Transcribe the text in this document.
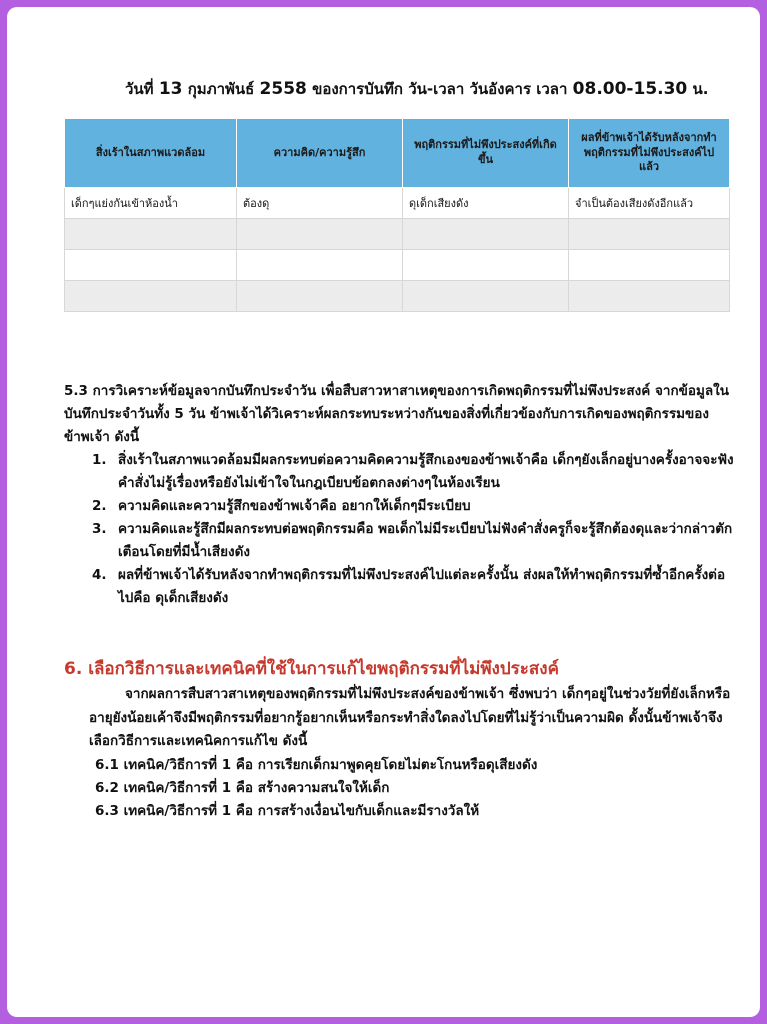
วันที่ 13 กุมภาพันธ์ 2558 ของการบันทึก วัน-เวลา วันอังคาร เวลา 08.00-15.30 น.
สิ่งเร้าในสภาพแวดล้อม	ความคิด/ความรู้สึก	พฤติกรรมที่ไม่พึงประสงค์ที่เกิดขึ้น	ผลที่ข้าพเจ้าได้รับหลังจากทำพฤติกรรมที่ไม่พึงประสงค์ไปแล้ว
เด็กๆแย่งกันเข้าห้องน้ำ	ต้องดุ	ดุเด็กเสียงดัง	จำเป็นต้องเสียงดังอีกแล้ว

5.3 การวิเคราะห์ข้อมูลจากบันทึกประจำวัน เพื่อสืบสาวหาสาเหตุของการเกิดพฤติกรรมที่ไม่พึงประสงค์ จากข้อมูลในบันทึกประจำวันทั้ง 5 วัน ข้าพเจ้าได้วิเคราะห์ผลกระทบระหว่างกันของสิ่งที่เกี่ยวข้องกับการเกิดของพฤติกรรมของข้าพเจ้า ดังนี้

1. สิ่งเร้าในสภาพแวดล้อมมีผลกระทบต่อความคิดความรู้สึกเองของข้าพเจ้าคือ เด็กๆยังเล็กอยู่บางครั้งอาจจะฟังคำสั่งไม่รู้เรื่องหรือยังไม่เข้าใจในกฎเบียบข้อตกลงต่างๆในห้องเรียน
2. ความคิดและความรู้สึกของข้าพเจ้าคือ อยากให้เด็กๆมีระเบียบ
3. ความคิดและรู้สึกมีผลกระทบต่อพฤติกรรมคือ พอเด็กไม่มีระเบียบไม่ฟังคำสั่งครูก็จะรู้สึกต้องดุและว่ากล่าวตักเตือนโดยที่มีน้ำเสียงดัง
4. ผลที่ข้าพเจ้าได้รับหลังจากทำพฤติกรรมที่ไม่พึงประสงค์ไปแต่ละครั้งนั้น ส่งผลให้ทำพฤติกรรมที่ซ้ำอีกครั้งต่อไปคือ ดุเด็กเสียงดัง
6. เลือกวิธีการและเทคนิคที่ใช้ในการแก้ไขพฤติกรรมที่ไม่พึงประสงค์

จากผลการสืบสาวสาเหตุของพฤติกรรมที่ไม่พึงประสงค์ของข้าพเจ้า ซึ่งพบว่า เด็กๆอยู่ในช่วงวัยที่ยังเล็กหรืออายุยังน้อยเค้าจึงมีพฤติกรรมที่อยากรู้อยากเห็นหรือกระทำสิ่งใดลงไปโดยที่ไม่รู้ว่าเป็นความผิด ดั้งนั้นข้าพเจ้าจึงเลือกวิธีการและเทคนิคการแก้ไข ดังนี้

6.1 เทคนิค/วิธีการที่ 1 คือ การเรียกเด็กมาพูดคุยโดยไม่ตะโกนหรือดุเสียงดัง
6.2 เทคนิค/วิธีการที่ 1 คือ สร้างความสนใจให้เด็ก
6.3 เทคนิค/วิธีการที่ 1 คือ การสร้างเงื่อนไขกับเด็กและมีรางวัลให้
